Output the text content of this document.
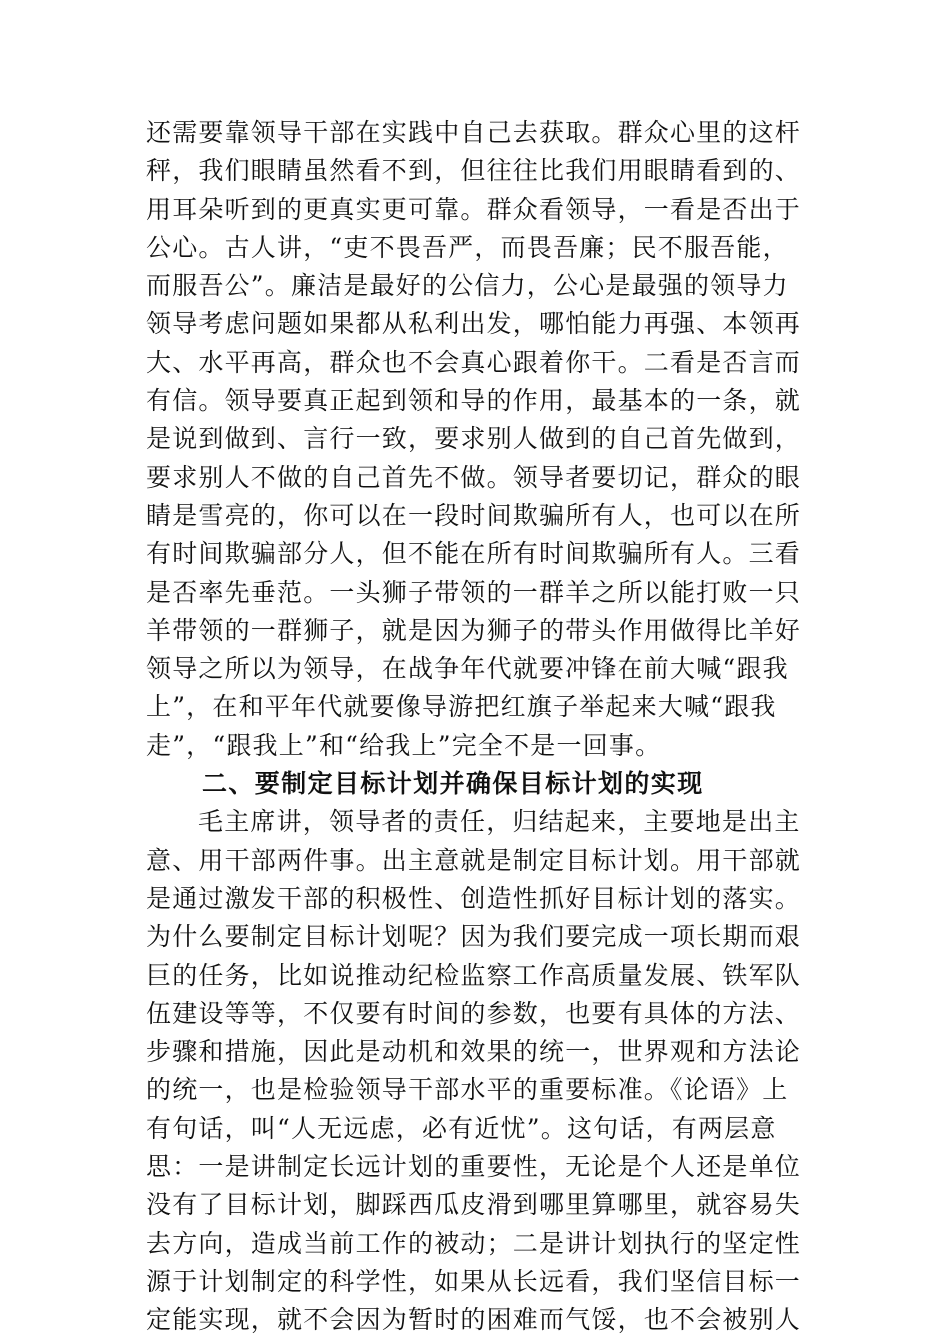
还需要靠领导干部在实践中自己去获取。群众心里的这杆
秤，我们眼睛虽然看不到，但往往比我们用眼睛看到的、
用耳朵听到的更真实更可靠。群众看领导，一看是否出于
公心。古人讲，“吏不畏吾严，而畏吾廉；民不服吾能，
而服吾公”。廉洁是最好的公信力，公心是最强的领导力
领导考虑问题如果都从私利出发，哪怕能力再强、本领再
大、水平再高，群众也不会真心跟着你干。二看是否言而
有信。领导要真正起到领和导的作用，最基本的一条，就
是说到做到、言行一致，要求别人做到的自己首先做到，
要求别人不做的自己首先不做。领导者要切记，群众的眼
睛是雪亮的，你可以在一段时间欺骗所有人，也可以在所
有时间欺骗部分人，但不能在所有时间欺骗所有人。三看
是否率先垂范。一头狮子带领的一群羊之所以能打败一只
羊带领的一群狮子，就是因为狮子的带头作用做得比羊好
领导之所以为领导，在战争年代就要冲锋在前大喊“跟我
上”，在和平年代就要像导游把红旗子举起来大喊“跟我
走”，“跟我上”和“给我上”完全不是一回事。
二、要制定目标计划并确保目标计划的实现
毛主席讲，领导者的责任，归结起来，主要地是出主
意、用干部两件事。出主意就是制定目标计划。用干部就
是通过激发干部的积极性、创造性抓好目标计划的落实。
为什么要制定目标计划呢？因为我们要完成一项长期而艰
巨的任务，比如说推动纪检监察工作高质量发展、铁军队
伍建设等等，不仅要有时间的参数，也要有具体的方法、
步骤和措施，因此是动机和效果的统一，世界观和方法论
的统一，也是检验领导干部水平的重要标准。《论语》上
有句话，叫“人无远虑，必有近忧”。这句话，有两层意
思：一是讲制定长远计划的重要性，无论是个人还是单位
没有了目标计划，脚踩西瓜皮滑到哪里算哪里，就容易失
去方向，造成当前工作的被动；二是讲计划执行的坚定性
源于计划制定的科学性，如果从长远看，我们坚信目标一
定能实现，就不会因为暂时的困难而气馁，也不会被别人
